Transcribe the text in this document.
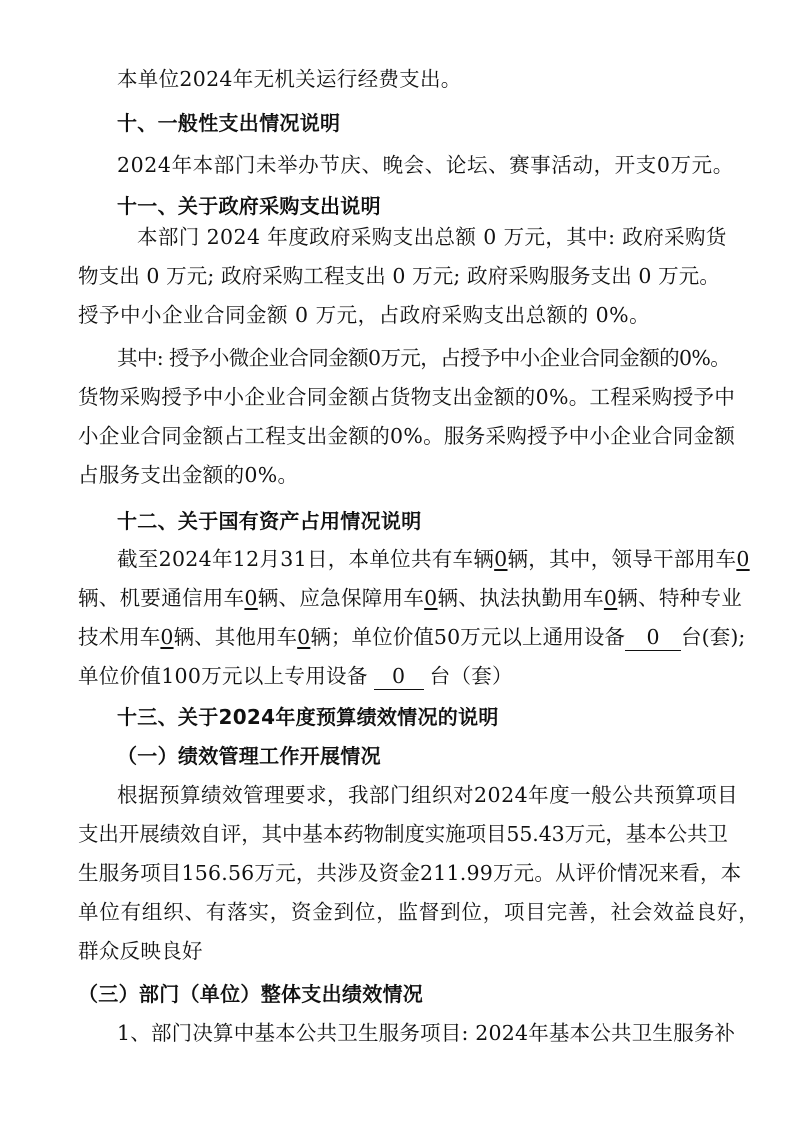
本单位2024年无机关运行经费支出。
十、一般性支出情况说明
2024年本部门未举办节庆、晚会、论坛、赛事活动，开支0万元。
十一、关于政府采购支出说明
本部门 2024 年度政府采购支出总额 0 万元，其中: 政府采购货
物支出 0 万元; 政府采购工程支出 0 万元; 政府采购服务支出 0 万元。
授予中小企业合同金额 0 万元，占政府采购支出总额的 0%。
其中: 授予小微企业合同金额0万元，占授予中小企业合同金额的0%。
货物采购授予中小企业合同金额占货物支出金额的0%。工程采购授予中
小企业合同金额占工程支出金额的0%。服务采购授予中小企业合同金额
占服务支出金额的0%。
十二、关于国有资产占用情况说明
截至2024年12月31日，本单位共有车辆0辆，其中，领导干部用车0
辆、机要通信用车0辆、应急保障用车0辆、执法执勤用车0辆、特种专业
技术用车0辆、其他用车0辆；单位价值50万元以上通用设备 0 台(套);
单位价值100万元以上专用设备 0 台（套）
十三、关于2024年度预算绩效情况的说明
（一）绩效管理工作开展情况
根据预算绩效管理要求，我部门组织对2024年度一般公共预算项目
支出开展绩效自评，其中基本药物制度实施项目55.43万元，基本公共卫
生服务项目156.56万元，共涉及资金211.99万元。从评价情况来看，本
单位有组织、有落实，资金到位，监督到位，项目完善，社会效益良好，
群众反映良好
（三）部门（单位）整体支出绩效情况
1、部门决算中基本公共卫生服务项目: 2024年基本公共卫生服务补
